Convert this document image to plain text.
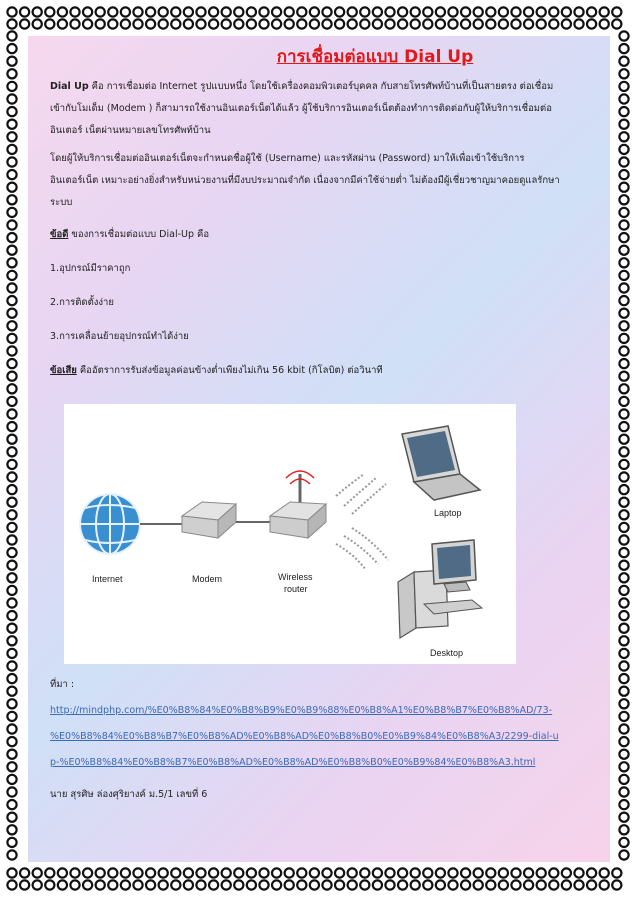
การเชื่อมต่อแบบ Dial Up

Dial Up คือ การเชื่อมต่อ Internet รูปแบบหนึ่ง โดยใช้เครื่องคอมพิวเตอร์บุคคล กับสายโทรศัพท์บ้านที่เป็นสายตรง ต่อเชื่อมเข้ากับโมเด็ม (Modem ) ก็สามารถใช้งานอินเตอร์เน็ตได้แล้ว ผู้ใช้บริการอินเตอร์เน็ตต้องทำการติดต่อกับผู้ให้บริการเชื่อมต่ออินเตอร์ เน็ตผ่านหมายเลขโทรศัพท์บ้าน

โดยผู้ให้บริการเชื่อมต่ออินเตอร์เน็ตจะกำหนดชื่อผู้ใช้ (Username) และรหัสผ่าน (Password) มาให้เพื่อเข้าใช้บริการอินเตอร์เน็ต เหมาะอย่างยิ่งสำหรับหน่วยงานที่มีงบประมาณจำกัด เนื่องจากมีค่าใช้จ่ายต่ำ ไม่ต้องมีผู้เชี่ยวชาญมาคอยดูแลรักษาระบบ

ข้อดี ของการเชื่อมต่อแบบ Dial-Up คือ

1.อุปกรณ์มีราคาถูก

2.การติดตั้งง่าย

3.การเคลื่อนย้ายอุปกรณ์ทำได้ง่าย

ข้อเสีย คืออัตราการรับส่งข้อมูลค่อนข้างต่ำเพียงไม่เกิน 56 kbit (กิโลบิต) ต่อวินาที

Internet	Modem	Wireless
router
Laptop
Desktop

ที่มา :

http://mindphp.com/%E0%B8%84%E0%B8%B9%E0%B9%88%E0%B8%A1%E0%B8%B7%E0%B8%AD/73-%E0%B8%84%E0%B8%B7%E0%B8%AD%E0%B8%AD%E0%B8%B0%E0%B9%84%E0%B8%A3/2299-dial-up-%E0%B8%84%E0%B8%B7%E0%B8%AD%E0%B8%AD%E0%B8%B0%E0%B9%84%E0%B8%A3.html

นาย สุรศิษ ล่องศุริยางค์ ม.5/1 เลขที่ 6
